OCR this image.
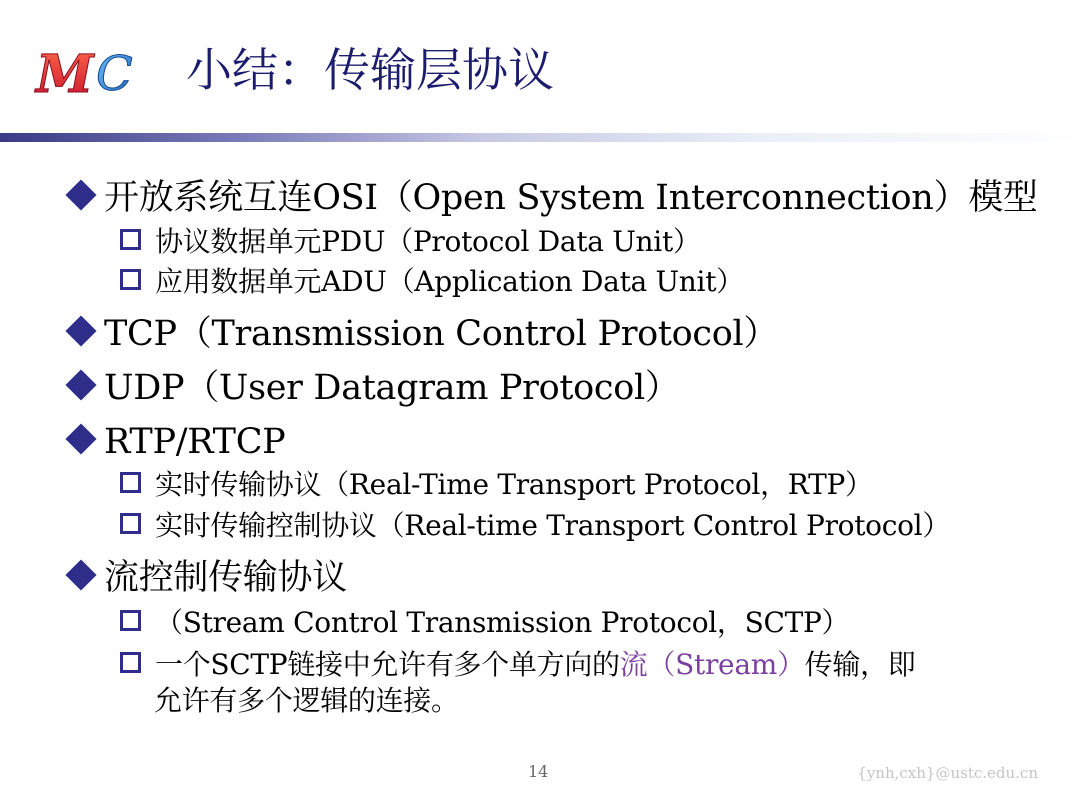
M C 小结：传输层协议
开放系统互连OSI（Open System Interconnection）模型
协议数据单元PDU（Protocol Data Unit）
应用数据单元ADU（Application Data Unit）
TCP（Transmission Control Protocol）
UDP（User Datagram Protocol）
RTP/RTCP
实时传输协议（Real-Time Transport Protocol，RTP）
实时传输控制协议（Real-time Transport Control Protocol）
流控制传输协议
（Stream Control Transmission Protocol，SCTP）
一个SCTP链接中允许有多个单方向的流（Stream）传输，即
允许有多个逻辑的连接。
14	{ynh,cxh}@ustc.edu.cn
